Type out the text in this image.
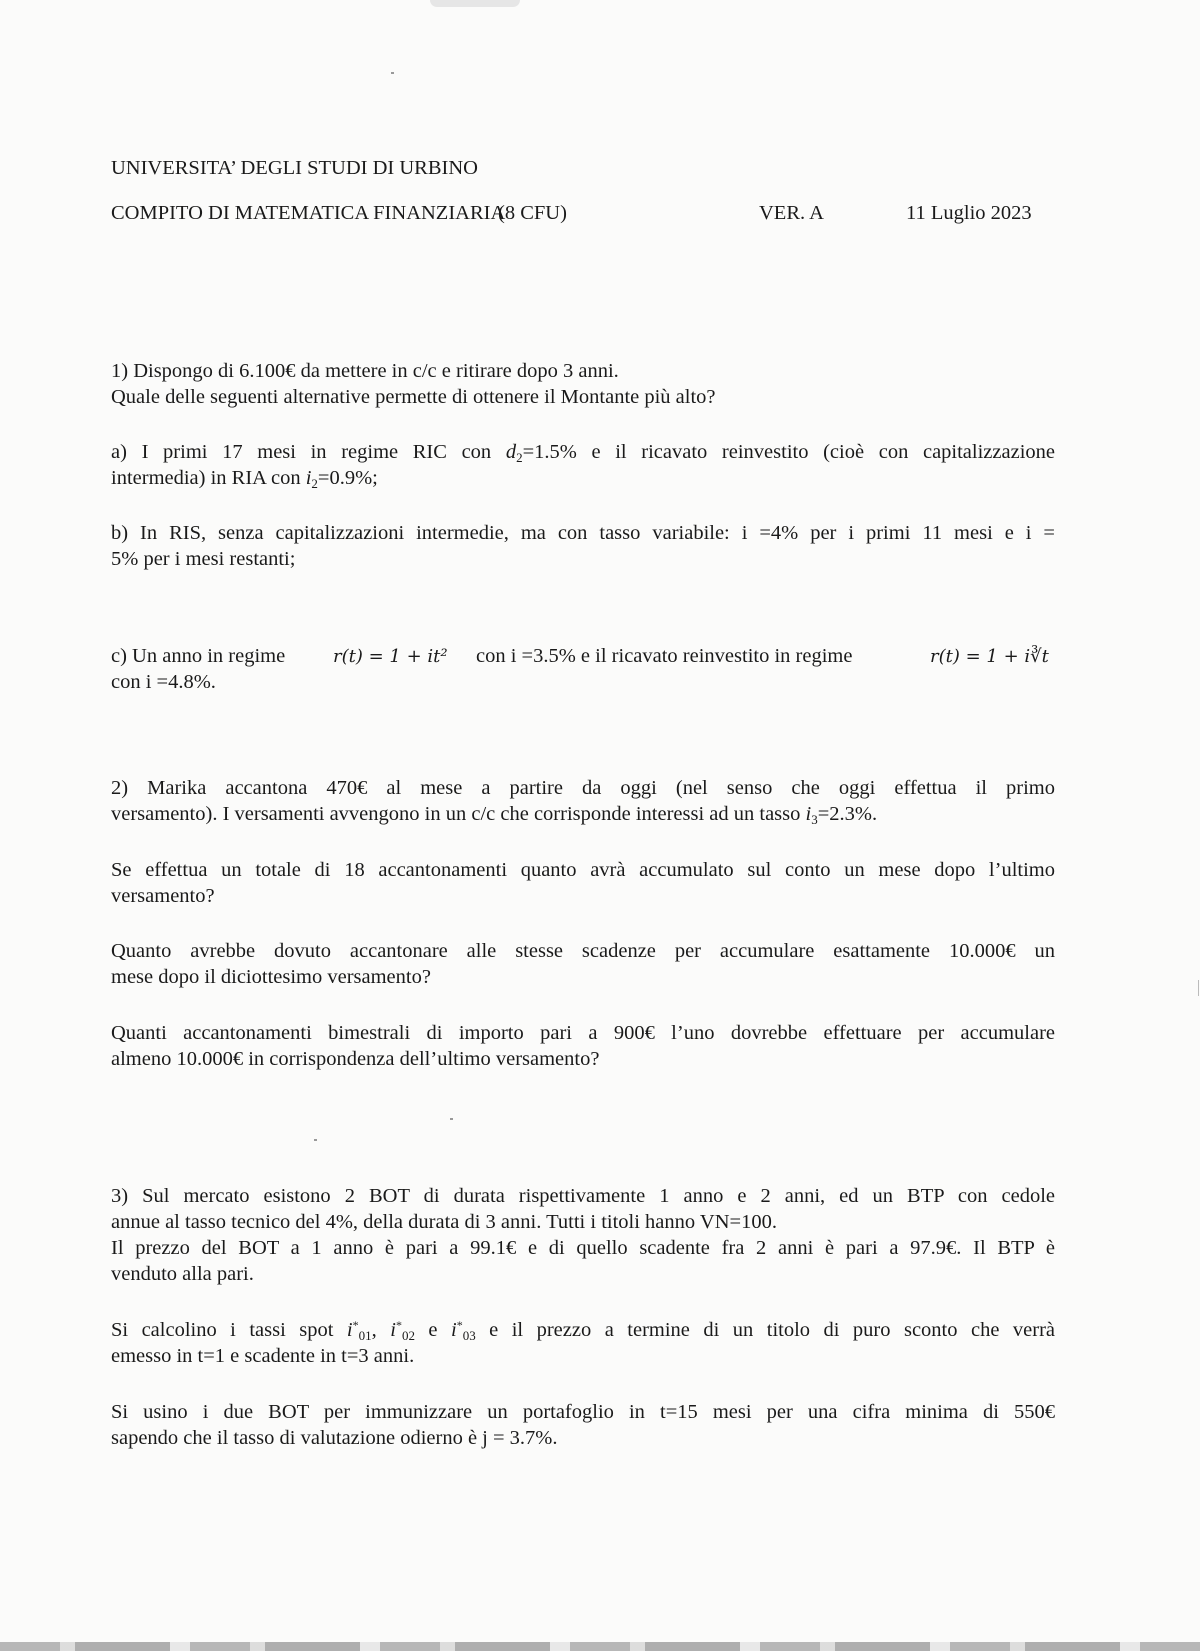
UNIVERSITA’ DEGLI STUDI DI URBINO
COMPITO DI MATEMATICA FINANZIARIA
(8 CFU)	VER. A	11 Luglio 2023
1) Dispongo di 6.100€ da mettere in c/c e ritirare dopo 3 anni.
Quale delle seguenti alternative permette di ottenere il Montante più alto?
a) I primi 17 mesi in regime RIC con $d_2=1.5\%$ e il ricavato reinvestito (cioè con capitalizzazione
intermedia) in RIA con $i_2=0.9\%$;
b) In RIS, senza capitalizzazioni intermedie, ma con tasso variabile: i =4% per i primi 11 mesi e i =
5% per i mesi restanti;
c) Un anno in regime	r(t) = 1 + it² con i =3.5% e il ricavato reinvestito in regime	r(t) = 1 + i∛t
con i =4.8%.
2) Marika accantona 470€ al mese a partire da oggi (nel senso che oggi effettua il primo
versamento). I versamenti avvengono in un c/c che corrisponde interessi ad un tasso $i_3=2.3\%$.
Se effettua un totale di 18 accantonamenti quanto avrà accumulato sul conto un mese dopo l’ultimo
versamento?
Quanto avrebbe dovuto accantonare alle stesse scadenze per accumulare esattamente 10.000€ un
mese dopo il diciottesimo versamento?
Quanti accantonamenti bimestrali di importo pari a 900€ l’uno dovrebbe effettuare per accumulare
almeno 10.000€ in corrispondenza dell’ultimo versamento?
3) Sul mercato esistono 2 BOT di durata rispettivamente 1 anno e 2 anni, ed un BTP con cedole
annue al tasso tecnico del 4%, della durata di 3 anni. Tutti i titoli hanno VN=100.
Il prezzo del BOT a 1 anno è pari a 99.1€ e di quello scadente fra 2 anni è pari a 97.9€. Il BTP è
venduto alla pari.
Si calcolino i tassi spot $i^*_{01}$, $i^*_{02}$ e $i^*_{03}$ e il prezzo a termine di un titolo di puro sconto che verrà
emesso in t=1 e scadente in t=3 anni.
Si usino i due BOT per immunizzare un portafoglio in t=15 mesi per una cifra minima di 550€
sapendo che il tasso di valutazione odierno è j = 3.7%.
